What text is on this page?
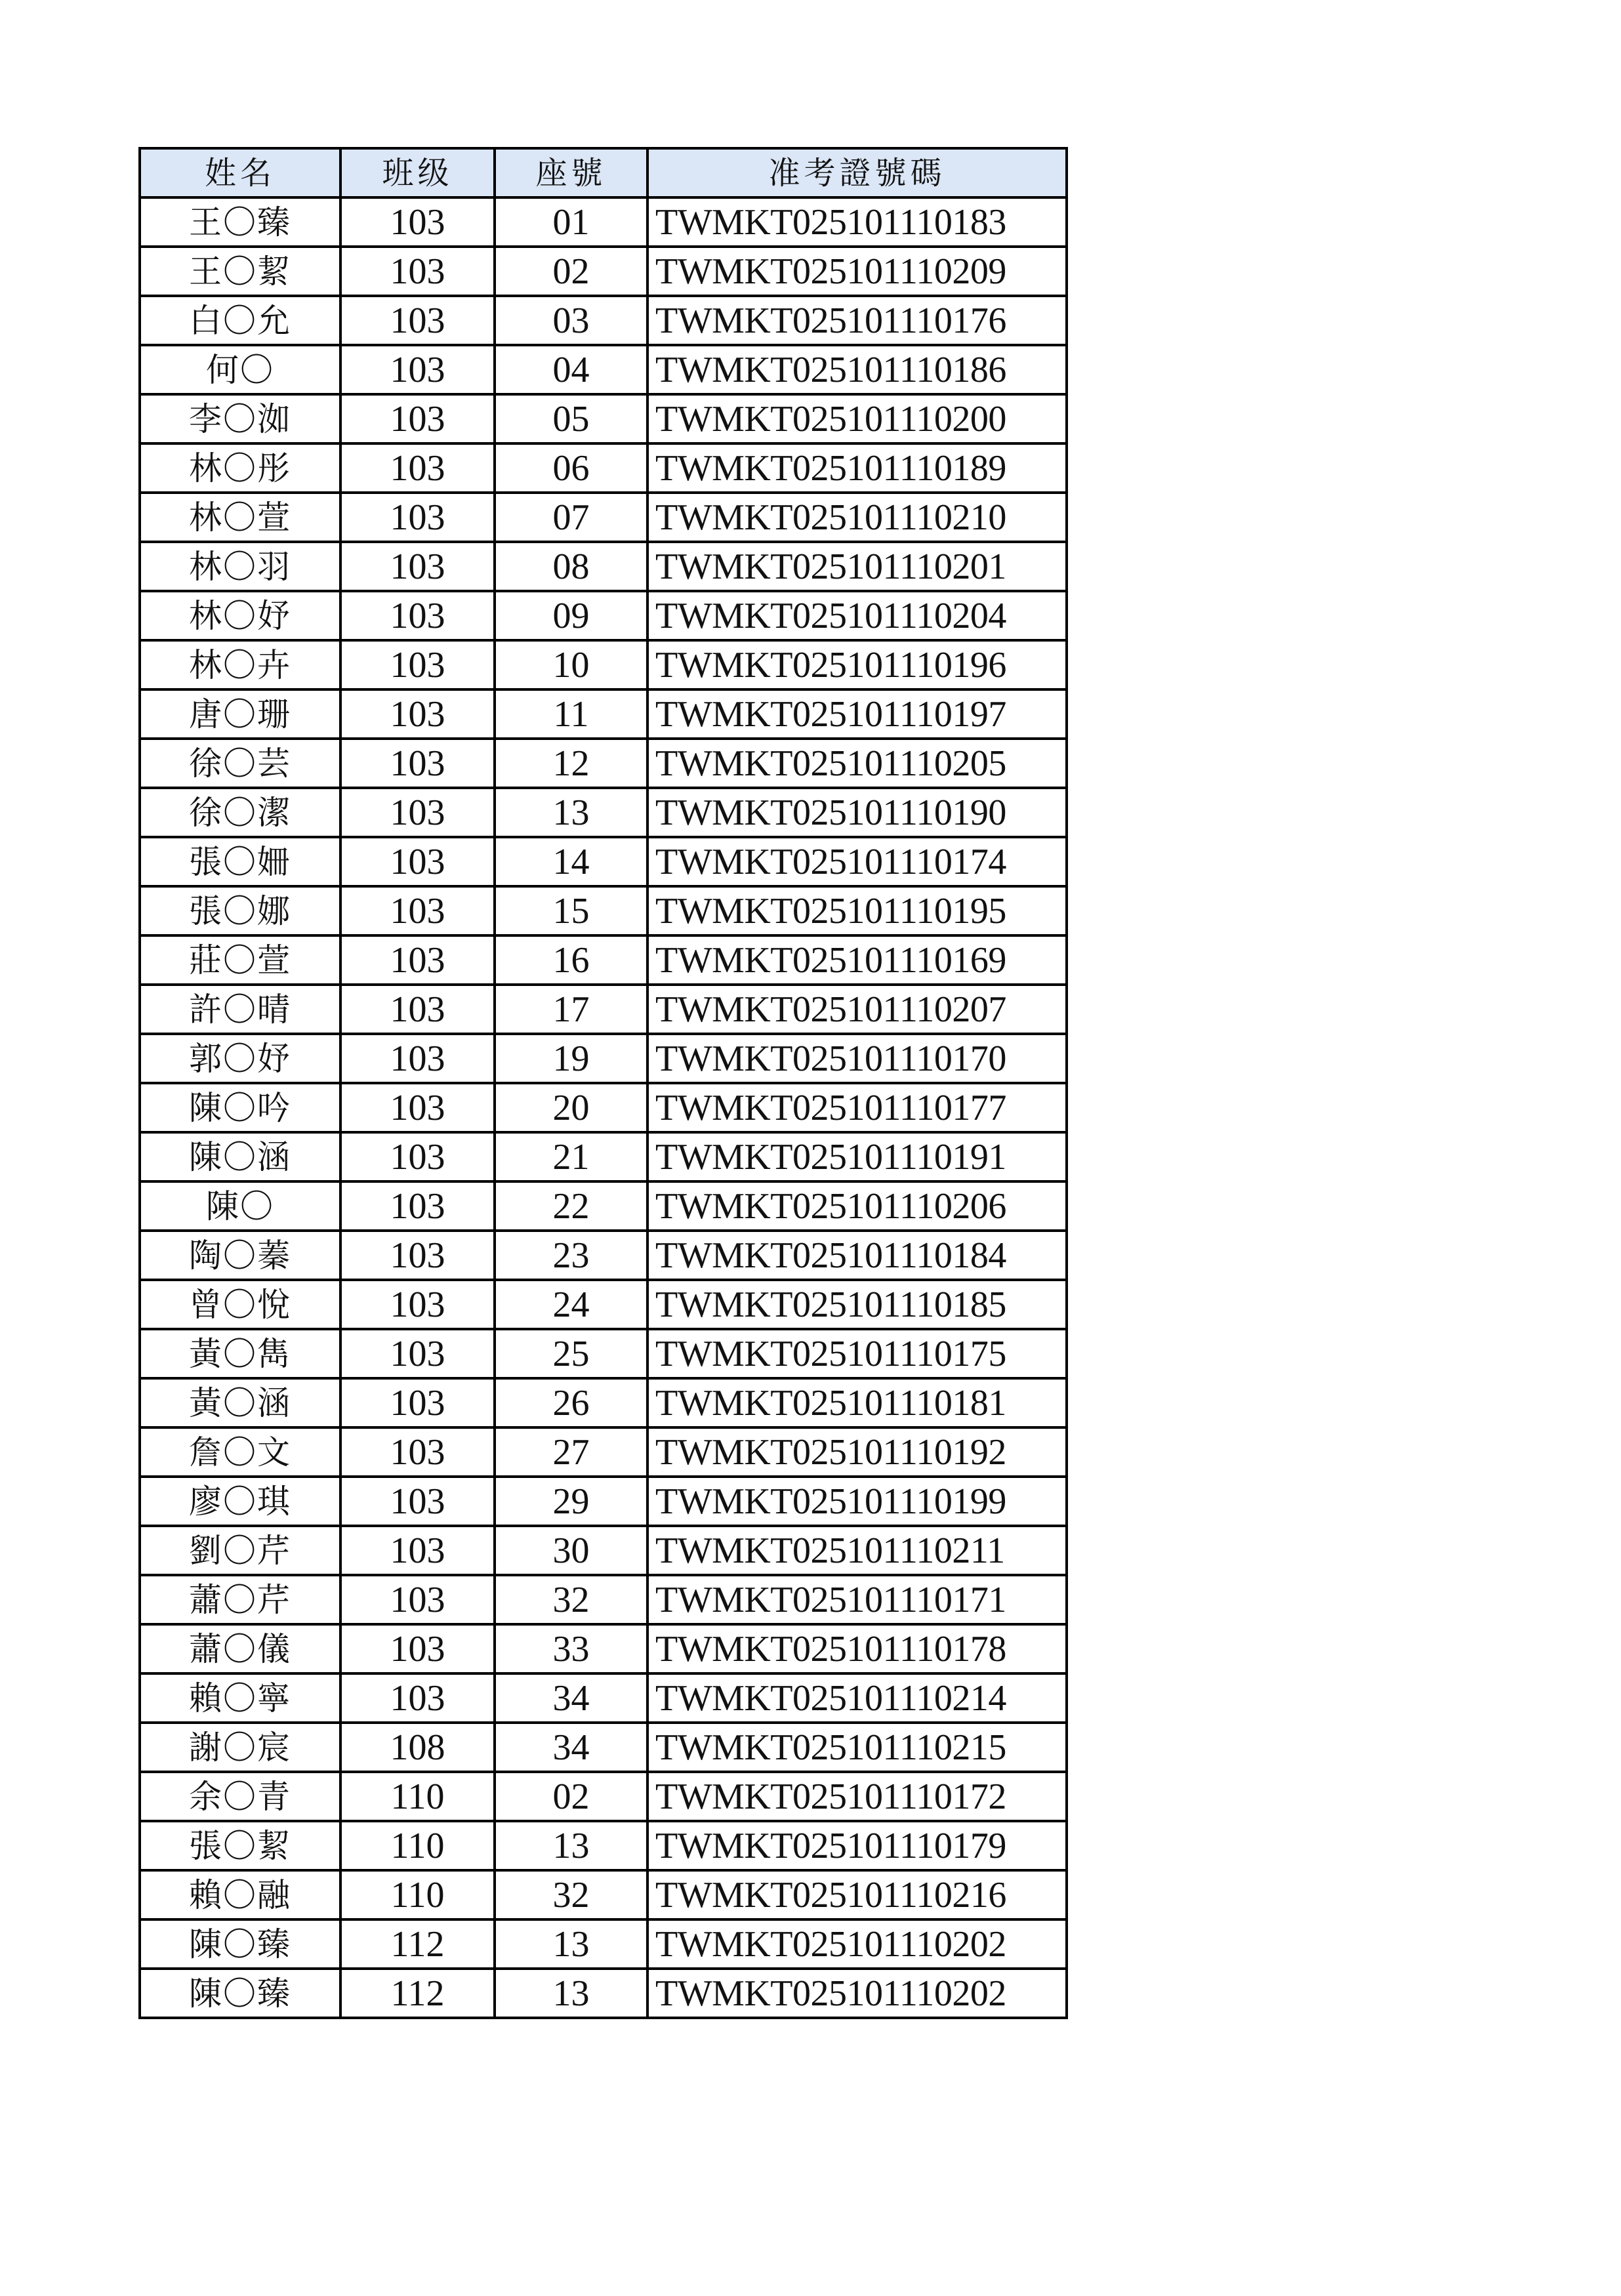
姓名	班级	座號	准考證號碼
王〇臻	103	01	TWMKT025101110183
王〇絜	103	02	TWMKT025101110209
白〇允	103	03	TWMKT025101110176
何〇	103	04	TWMKT025101110186
李〇洳	103	05	TWMKT025101110200
林〇彤	103	06	TWMKT025101110189
林〇萱	103	07	TWMKT025101110210
林〇羽	103	08	TWMKT025101110201
林〇妤	103	09	TWMKT025101110204
林〇卉	103	10	TWMKT025101110196
唐〇珊	103	11	TWMKT025101110197
徐〇芸	103	12	TWMKT025101110205
徐〇潔	103	13	TWMKT025101110190
張〇姍	103	14	TWMKT025101110174
張〇娜	103	15	TWMKT025101110195
莊〇萱	103	16	TWMKT025101110169
許〇晴	103	17	TWMKT025101110207
郭〇妤	103	19	TWMKT025101110170
陳〇吟	103	20	TWMKT025101110177
陳〇涵	103	21	TWMKT025101110191
陳〇	103	22	TWMKT025101110206
陶〇蓁	103	23	TWMKT025101110184
曾〇悅	103	24	TWMKT025101110185
黃〇雋	103	25	TWMKT025101110175
黃〇涵	103	26	TWMKT025101110181
詹〇文	103	27	TWMKT025101110192
廖〇琪	103	29	TWMKT025101110199
劉〇芹	103	30	TWMKT025101110211
蕭〇芹	103	32	TWMKT025101110171
蕭〇儀	103	33	TWMKT025101110178
賴〇寧	103	34	TWMKT025101110214
謝〇宸	108	34	TWMKT025101110215
余〇青	110	02	TWMKT025101110172
張〇絜	110	13	TWMKT025101110179
賴〇融	110	32	TWMKT025101110216
陳〇臻	112	13	TWMKT025101110202
陳〇臻	112	13	TWMKT025101110202
